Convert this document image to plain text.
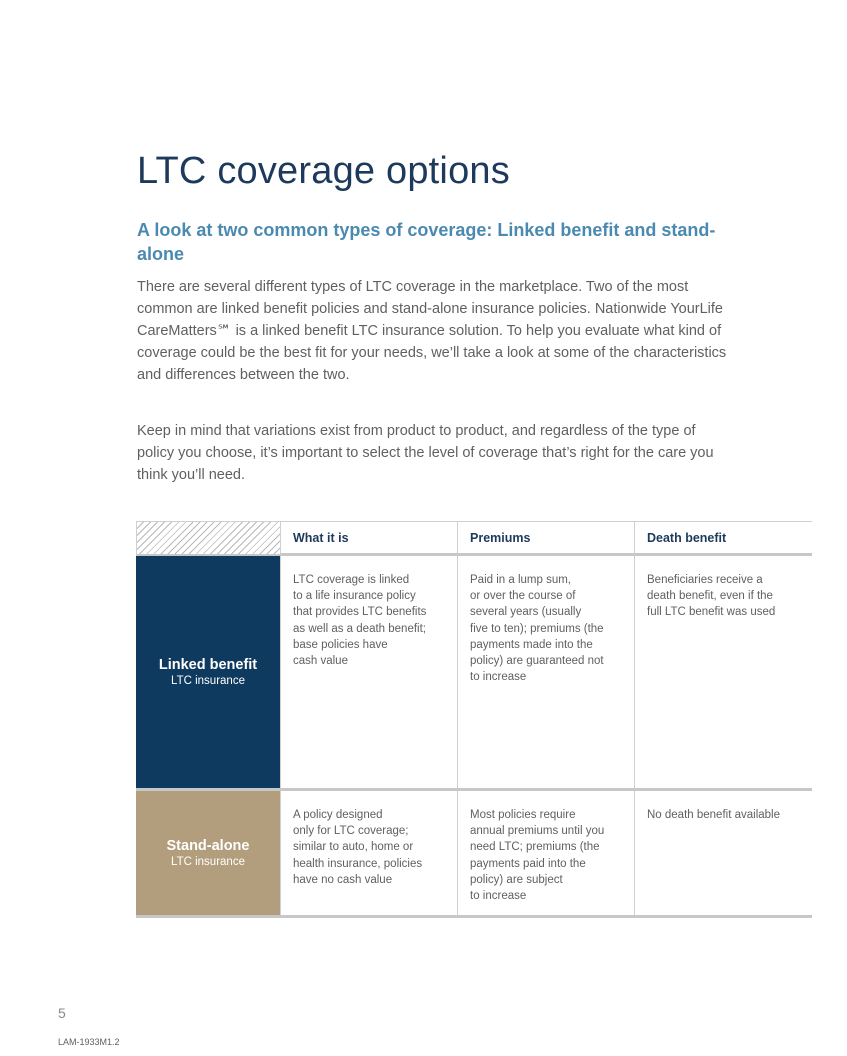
LTC coverage options
A look at two common types of coverage: Linked benefit and stand-alone

There are several different types of LTC coverage in the marketplace. Two of the most common are linked benefit policies and stand-alone insurance policies. Nationwide YourLife CareMatters℠ is a linked benefit LTC insurance solution. To help you evaluate what kind of coverage could be the best fit for your needs, we’ll take a look at some of the characteristics and differences between the two.

Keep in mind that variations exist from product to product, and regardless of the type of policy you choose, it’s important to select the level of coverage that’s right for the care you think you’ll need.

What it is	Premiums	Death benefit
Linked benefit
LTC insurance
LTC coverage is linked
to a life insurance policy
that provides LTC benefits
as well as a death benefit;
base policies have
cash value
Paid in a lump sum,
or over the course of
several years (usually
five to ten); premiums (the
payments made into the
policy) are guaranteed not
to increase
Beneficiaries receive a
death benefit, even if the
full LTC benefit was used
Stand-alone
LTC insurance
A policy designed
only for LTC coverage;
similar to auto, home or
health insurance, policies
have no cash value
Most policies require
annual premiums until you
need LTC; premiums (the
payments paid into the
policy) are subject
to increase
No death benefit available
5
LAM-1933M1.2
